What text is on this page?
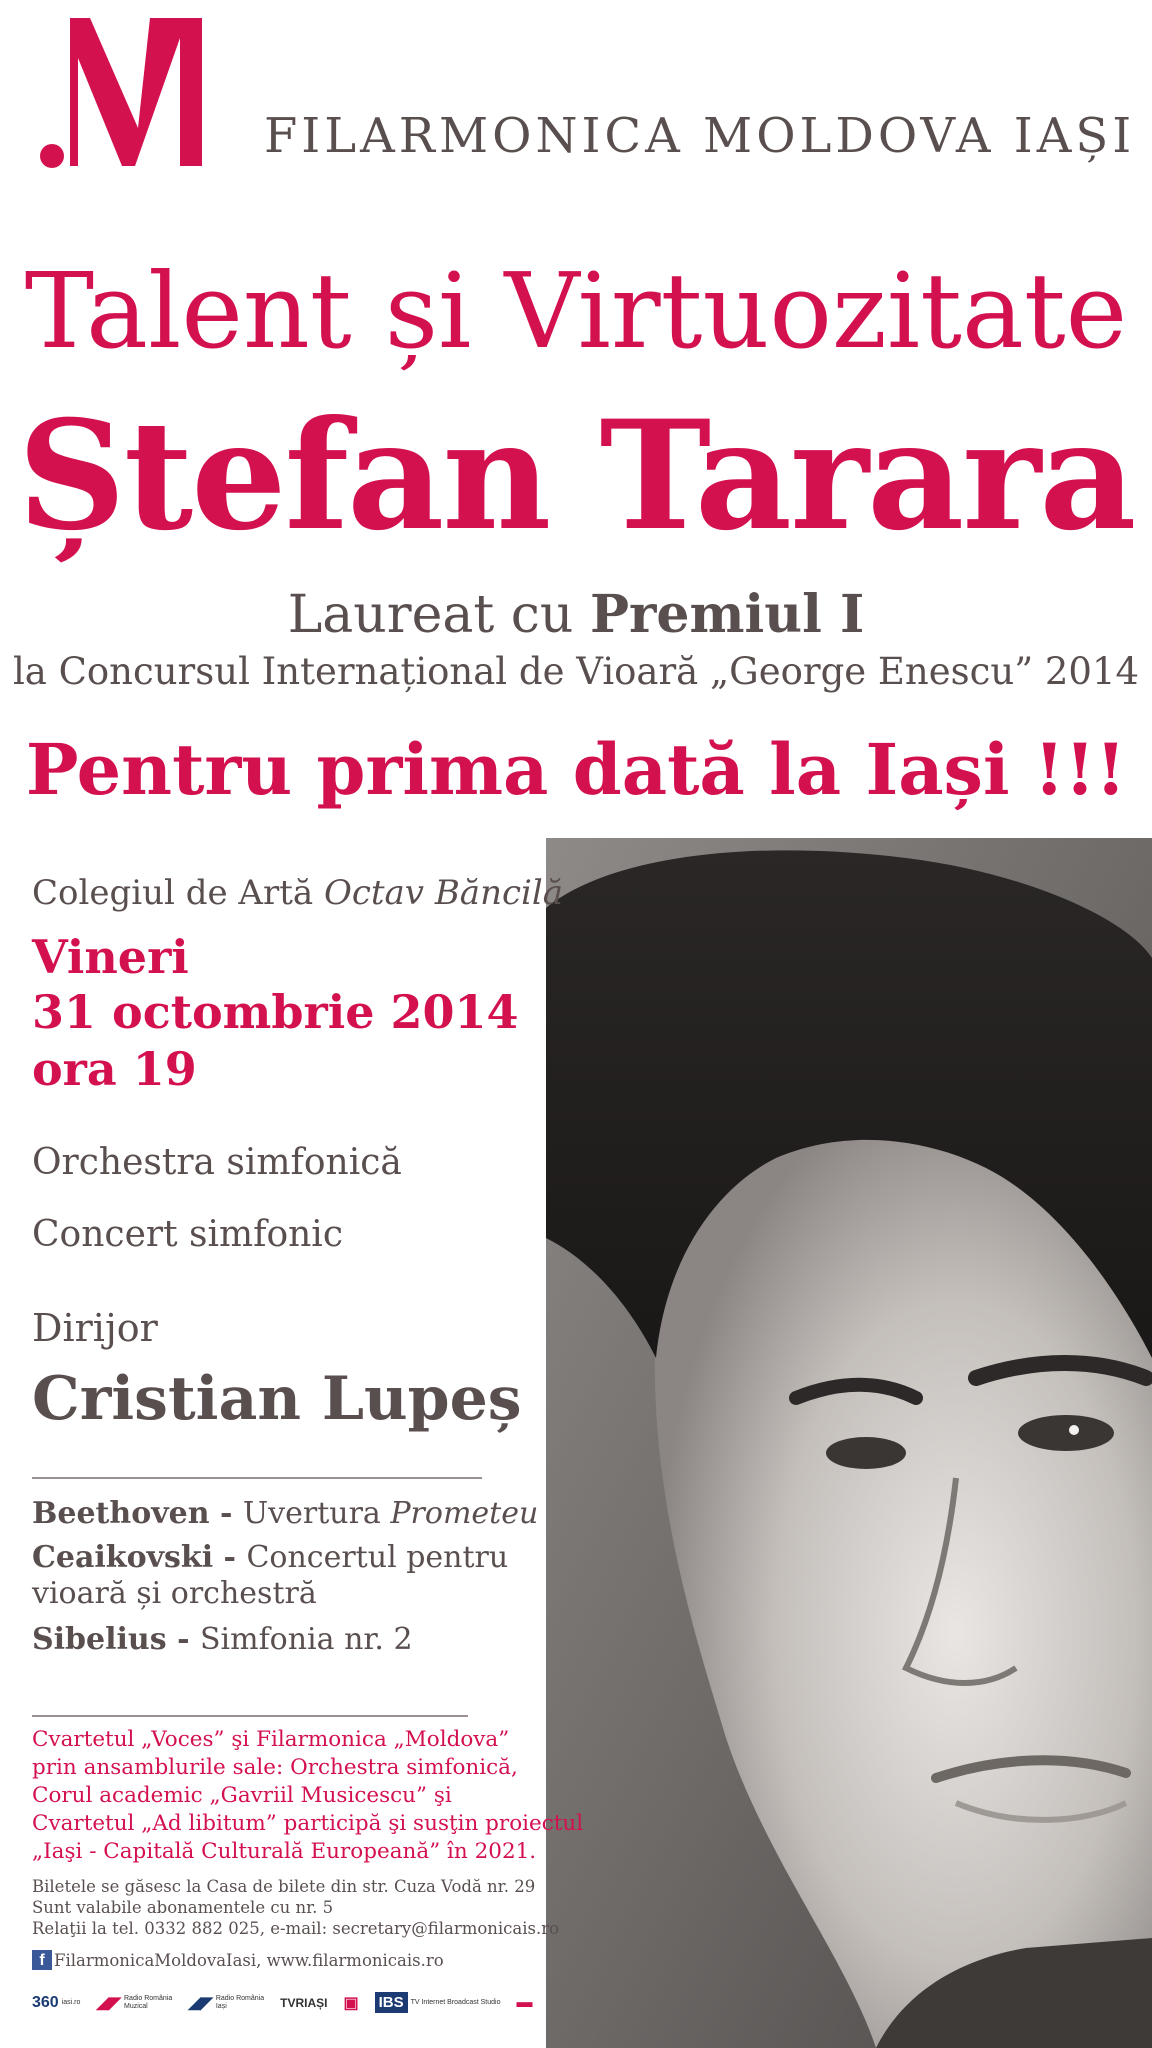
FILARMONICA MOLDOVA IAȘI
Talent și Virtuozitate
Ștefan Tarara
Laureat cu Premiul I
la Concursul Internațional de Vioară „George Enescu” 2014
Pentru prima dată la Iași !!!
Colegiul de Artă Octav Băncilă
Vineri
31 octombrie 2014
ora 19
Orchestra simfonică
Concert simfonic
Dirijor
Cristian Lupeș
Beethoven - Uvertura Prometeu
Ceaikovski - Concertul pentru
vioară și orchestră
Sibelius - Simfonia nr. 2
Cvartetul „Voces” şi Filarmonica „Moldova”
prin ansamblurile sale: Orchestra simfonică,
Corul academic „Gavriil Musicescu” şi
Cvartetul „Ad libitum” participă şi susţin proiectul
„Iaşi - Capitală Culturală Europeană” în 2021.
Biletele se găsesc la Casa de bilete din str. Cuza Vodă nr. 29
Sunt valabile abonamentele cu nr. 5
Relaţii la tel. 0332 882 025, e-mail: secretary@filarmonicais.ro
f FilarmonicaMoldovaIasi, www.filarmonicais.ro
360 iasi.ro ◢◤ Radio România
Muzical	◢◤ Radio România
Iași	TVRIAȘI ▣ IBS	TV Internet Broadcast Studio ▬
